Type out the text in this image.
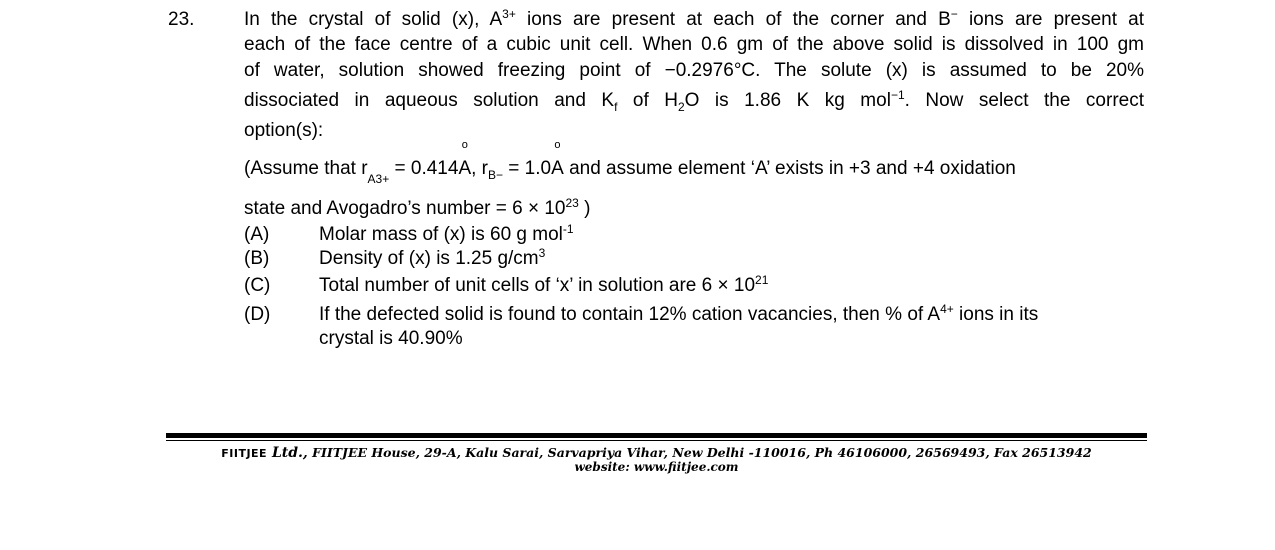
23.	In the crystal of solid (x), $A^{3+}$ ions are present at each of the corner and B− ions are present at
each of the face centre of a cubic unit cell. When 0.6 gm of the above solid is dissolved in 100 gm
of water, solution showed freezing point of −0.2976°C. The solute (x) is assumed to be 20%
dissociated in aqueous solution and $K_f$ of $H_2O$ is 1.86 K kg mol$^{-1}$. Now select the correct
option(s):
(Assume that $r_{A3+} = 0.414$
o
A, $r_{B-} = 1.0$
o
A and assume element ‘A’ exists in +3 and +4 oxidation
state and Avogadro’s number = $6 \times 10^{23}$ )
(A)	Molar mass of (x) is 60 g mol$^{-1}$
(B)	Density of (x) is 1.25 $g/cm^3$
(C)	Total number of unit cells of ‘x’ in solution are $6 \times 10^{21}$
(D)	If the defected solid is found to contain 12% cation vacancies, then % of $A^{4+}$ ions in its
crystal is 40.90%
FIITJEE Ltd., FIITJEE House, 29-A, Kalu Sarai, Sarvapriya Vihar, New Delhi -110016, Ph 46106000, 26569493, Fax 26513942
website: www.fiitjee.com
